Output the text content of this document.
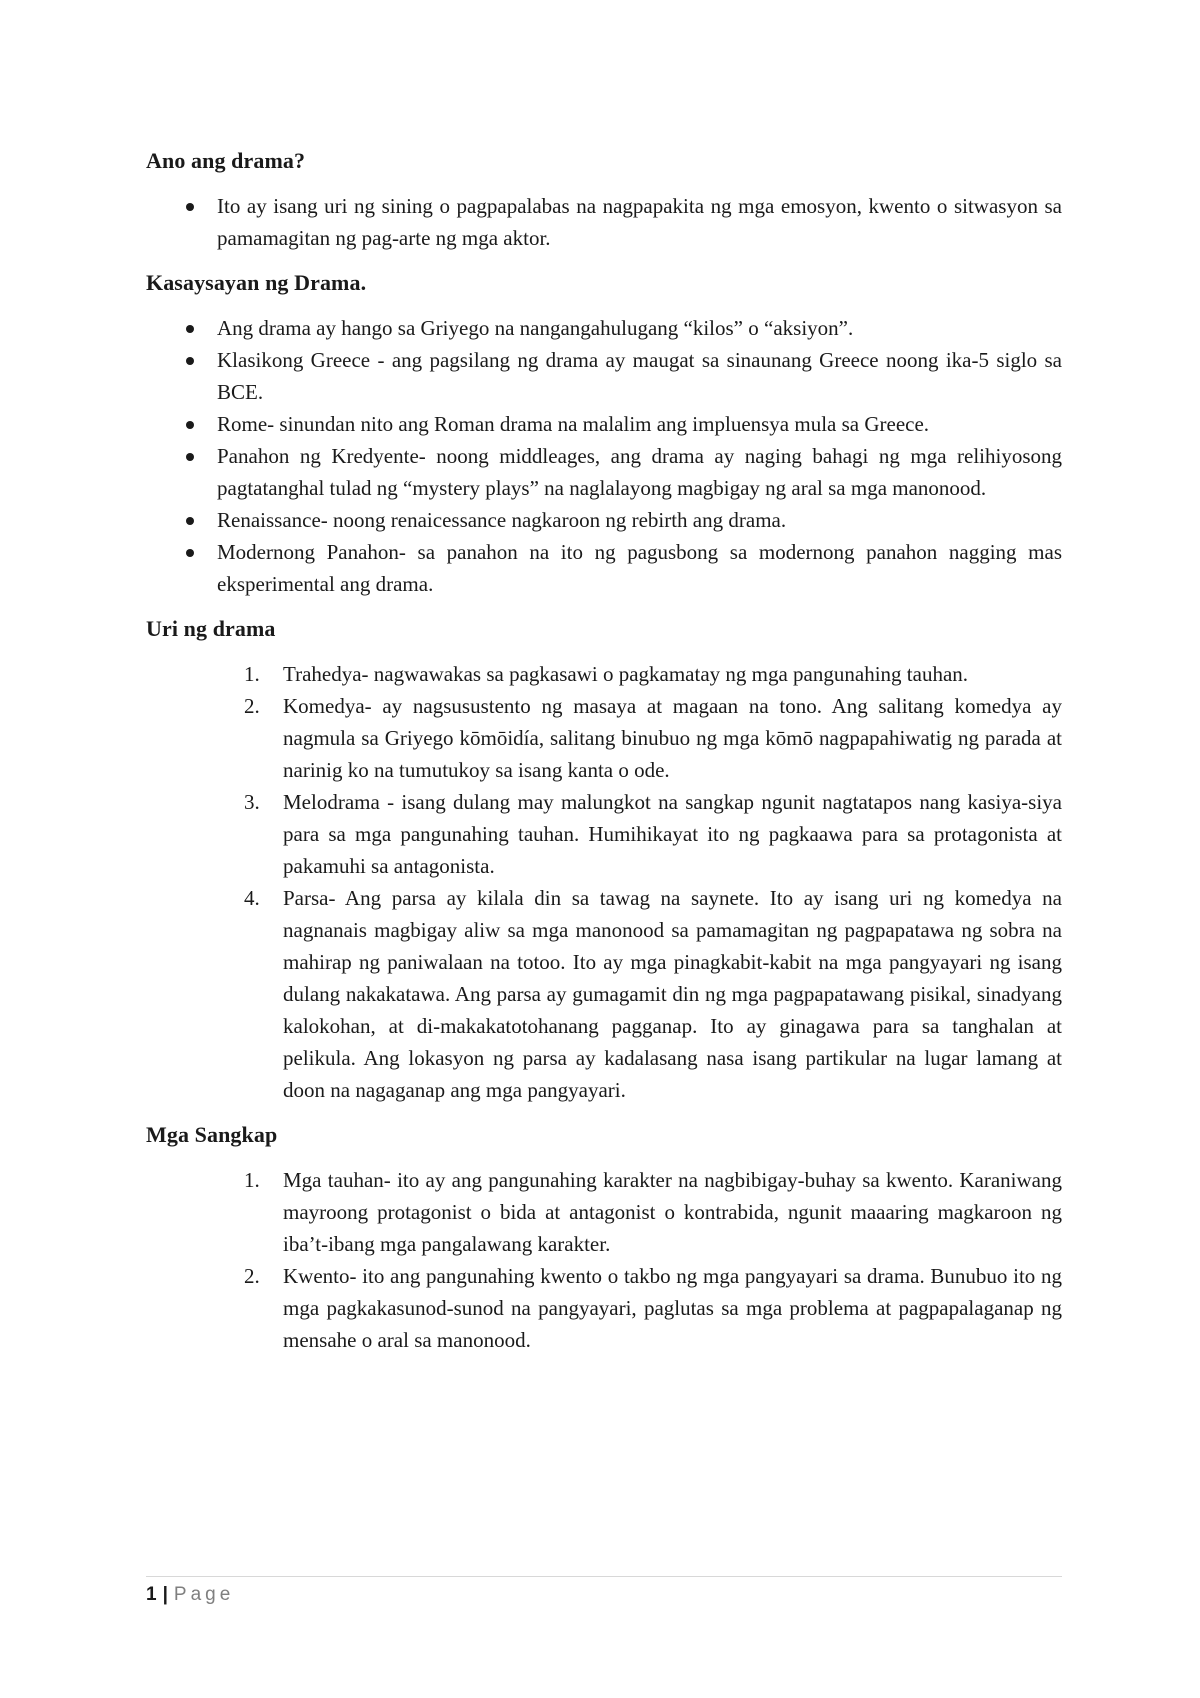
Ano ang drama?
Ito ay isang uri ng sining o pagpapalabas na nagpapakita ng mga emosyon, kwento o sitwasyon sa pamamagitan ng pag-arte ng mga aktor.
Kasaysayan ng Drama.
Ang drama ay hango sa Griyego na nangangahulugang “kilos” o “aksiyon”.
Klasikong Greece - ang pagsilang ng drama ay maugat sa sinaunang Greece noong ika-5 siglo sa BCE.
Rome- sinundan nito ang Roman drama na malalim ang impluensya mula sa Greece.
Panahon ng Kredyente- noong middleages, ang drama ay naging bahagi ng mga relihiyosong pagtatanghal tulad ng “mystery plays” na naglalayong magbigay ng aral sa mga manonood.
Renaissance- noong renaicessance nagkaroon ng rebirth ang drama.
Modernong Panahon- sa panahon na ito ng pagusbong sa modernong panahon nagging mas eksperimental ang drama.
Uri ng drama
1. Trahedya- nagwawakas sa pagkasawi o pagkamatay ng mga pangunahing tauhan.
2. Komedya- ay nagsusustento ng masaya at magaan na tono. Ang salitang komedya ay nagmula sa Griyego kōmōidía, salitang binubuo ng mga kōmō nagpapahiwatig ng parada at narinig ko na tumutukoy sa isang kanta o ode.
3. Melodrama - isang dulang may malungkot na sangkap ngunit nagtatapos nang kasiya-siya para sa mga pangunahing tauhan. Humihikayat ito ng pagkaawa para sa protagonista at pakamuhi sa antagonista.
4. Parsa- Ang parsa ay kilala din sa tawag na saynete. Ito ay isang uri ng komedya na nagnanais magbigay aliw sa mga manonood sa pamamagitan ng pagpapatawa ng sobra na mahirap ng paniwalaan na totoo. Ito ay mga pinagkabit-kabit na mga pangyayari ng isang dulang nakakatawa. Ang parsa ay gumagamit din ng mga pagpapatawang pisikal, sinadyang kalokohan, at di-makakatotohanang pagganap. Ito ay ginagawa para sa tanghalan at pelikula. Ang lokasyon ng parsa ay kadalasang nasa isang partikular na lugar lamang at doon na nagaganap ang mga pangyayari.
Mga Sangkap
1. Mga tauhan- ito ay ang pangunahing karakter na nagbibigay-buhay sa kwento. Karaniwang mayroong protagonist o bida at antagonist o kontrabida, ngunit maaaring magkaroon ng iba’t-ibang mga pangalawang karakter.
2. Kwento- ito ang pangunahing kwento o takbo ng mga pangyayari sa drama. Bunubuo ito ng mga pagkakasunod-sunod na pangyayari, paglutas sa mga problema at pagpapalaganap ng mensahe o aral sa manonood.
1 | Page
